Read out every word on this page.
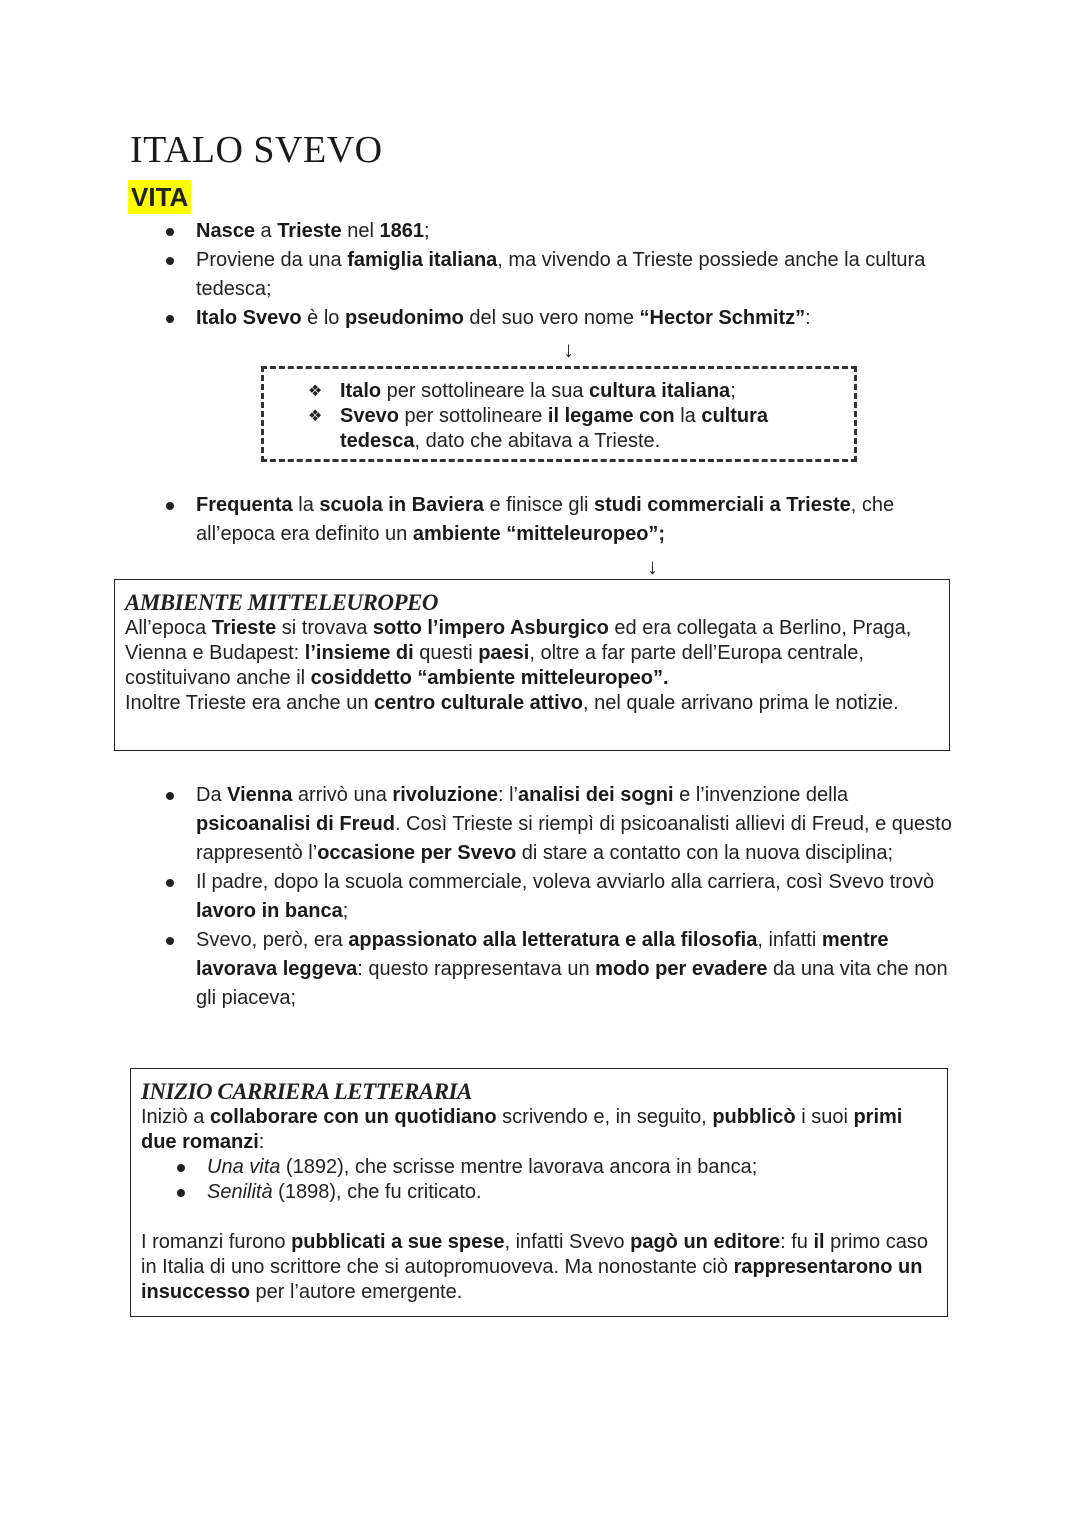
ITALO SVEVO
VITA
Nasce a Trieste nel 1861;
Proviene da una famiglia italiana, ma vivendo a Trieste possiede anche la cultura tedesca;
Italo Svevo è lo pseudonimo del suo vero nome “Hector Schmitz”:
↓
❖ Italo per sottolineare la sua cultura italiana;
❖ Svevo per sottolineare il legame con la cultura tedesca, dato che abitava a Trieste.
Frequenta la scuola in Baviera e finisce gli studi commerciali a Trieste, che all’epoca era definito un ambiente “mitteleuropeo”;
↓
AMBIENTE MITTELEUROPEO
All’epoca Trieste si trovava sotto l’impero Asburgico ed era collegata a Berlino, Praga, Vienna e Budapest: l’insieme di questi paesi, oltre a far parte dell’Europa centrale, costituivano anche il cosiddetto “ambiente mitteleuropeo”.
Inoltre Trieste era anche un centro culturale attivo, nel quale arrivano prima le notizie.
Da Vienna arrivò una rivoluzione: l’analisi dei sogni e l’invenzione della psicoanalisi di Freud. Così Trieste si riempì di psicoanalisti allievi di Freud, e questo rappresentò l’occasione per Svevo di stare a contatto con la nuova disciplina;
Il padre, dopo la scuola commerciale, voleva avviarlo alla carriera, così Svevo trovò lavoro in banca;
Svevo, però, era appassionato alla letteratura e alla filosofia, infatti mentre lavorava leggeva: questo rappresentava un modo per evadere da una vita che non gli piaceva;
INIZIO CARRIERA LETTERARIA
Iniziò a collaborare con un quotidiano scrivendo e, in seguito, pubblicò i suoi primi due romanzi:
Una vita (1892), che scrisse mentre lavorava ancora in banca;
Senilità (1898), che fu criticato.
I romanzi furono pubblicati a sue spese, infatti Svevo pagò un editore: fu il primo caso in Italia di uno scrittore che si autopromuoveva. Ma nonostante ciò rappresentarono un insuccesso per l’autore emergente.
